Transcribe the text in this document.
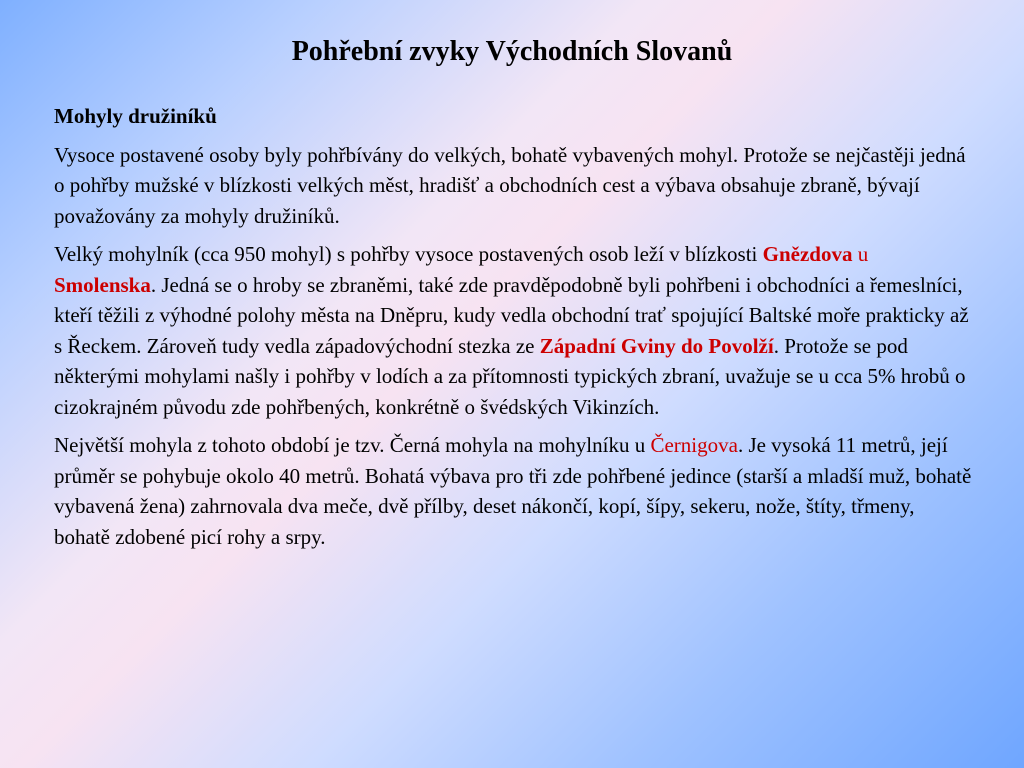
Pohřební zvyky Východních Slovanů

Mohyly družiníků

Vysoce postavené osoby byly pohřbívány do velkých, bohatě vybavených mohyl. Protože se nejčastěji jedná o pohřby mužské v blízkosti velkých měst, hradišť a obchodních cest a výbava obsahuje zbraně, bývají považovány za mohyly družiníků.

Velký mohylník (cca 950 mohyl) s pohřby vysoce postavených osob leží v blízkosti Gnězdova u Smolenska. Jedná se o hroby se zbraněmi, také zde pravděpodobně byli pohřbeni i obchodníci a řemeslníci, kteří těžili z výhodné polohy města na Dněpru, kudy vedla obchodní trať spojující Baltské moře prakticky až s Řeckem. Zároveň tudy vedla západovýchodní stezka ze Západní Gviny do Povolží. Protože se pod některými mohylami našly i pohřby v lodích a za přítomnosti typických zbraní, uvažuje se u cca 5% hrobů o cizokrajném původu zde pohřbených, konkrétně o švédských Vikinzích.

Největší mohyla z tohoto období je tzv. Černá mohyla na mohylníku u Černigova. Je vysoká 11 metrů, její průměr se pohybuje okolo 40 metrů. Bohatá výbava pro tři zde pohřbené jedince (starší a mladší muž, bohatě vybavená žena) zahrnovala dva meče, dvě přílby, deset nákončí, kopí, šípy, sekeru, nože, štíty, třmeny, bohatě zdobené picí rohy a srpy.
